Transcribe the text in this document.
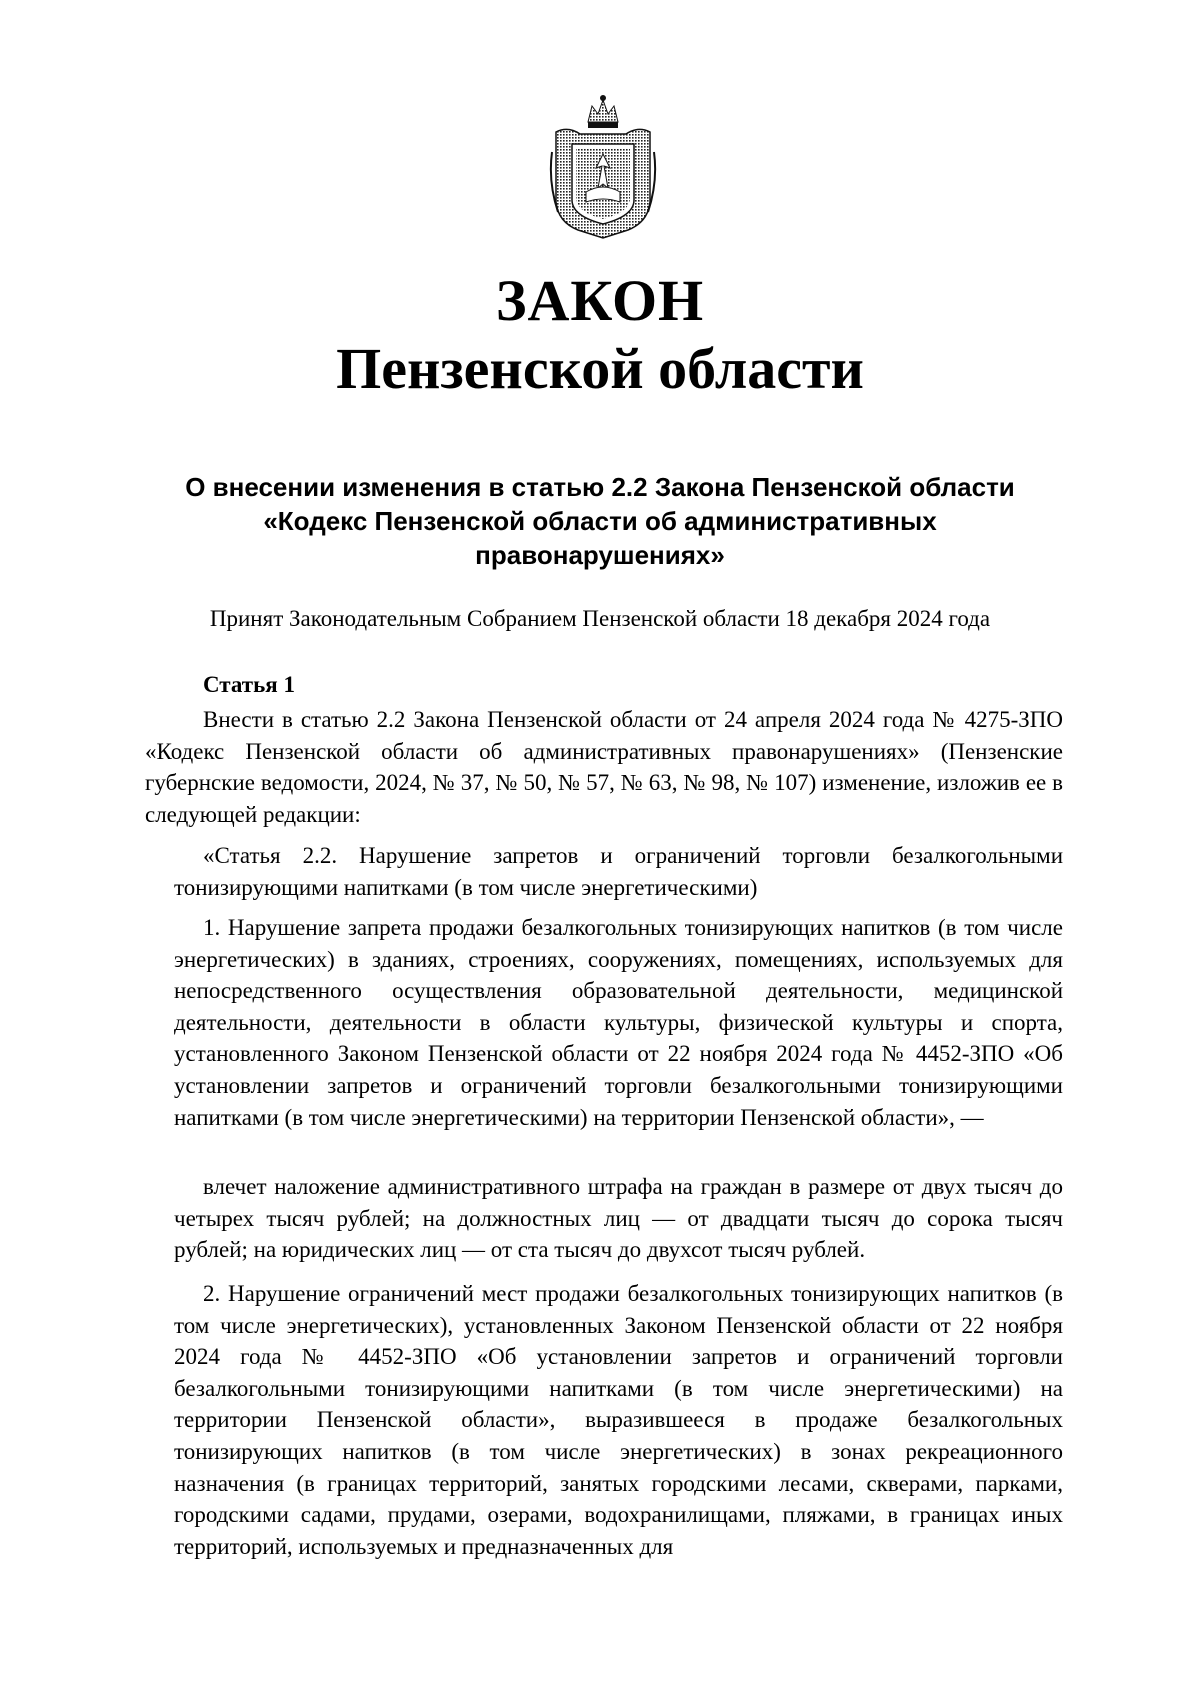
ЗАКОН
Пензенской области

О внесении изменения в статью 2.2 Закона Пензенской области «Кодекс Пензенской области об административных правонарушениях»

Принят Законодательным Собранием Пензенской области 18 декабря 2024 года

Статья 1

Внести в статью 2.2 Закона Пензенской области от 24 апреля 2024 года № 4275-ЗПО «Кодекс Пензенской области об административных правонарушениях» (Пензенские губернские ведомости, 2024, № 37, № 50, № 57, № 63, № 98, № 107) изменение, изложив ее в следующей редакции:

«Статья 2.2. Нарушение запретов и ограничений торговли безалкогольными тонизирующими напитками (в том числе энергетическими)

1. Нарушение запрета продажи безалкогольных тонизирующих напитков (в том числе энергетических) в зданиях, строениях, сооружениях, помещениях, используемых для непосредственного осуществления образовательной деятельности, медицинской деятельности, деятельности в области культуры, физической культуры и спорта, установленного Законом Пензенской области от 22 ноября 2024 года № 4452-ЗПО «Об установлении запретов и ограничений торговли безалкогольными тонизирующими напитками (в том числе энергетическими) на территории Пензенской области», —

влечет наложение административного штрафа на граждан в размере от двух тысяч до четырех тысяч рублей; на должностных лиц — от двадцати тысяч до сорока тысяч рублей; на юридических лиц — от ста тысяч до двухсот тысяч рублей.

2. Нарушение ограничений мест продажи безалкогольных тонизирующих напитков (в том числе энергетических), установленных Законом Пензенской области от 22 ноября 2024 года № 4452-ЗПО «Об установлении запретов и ограничений торговли безалкогольными тонизирующими напитками (в том числе энергетическими) на территории Пензенской области», выразившееся в продаже безалкогольных тонизирующих напитков (в том числе энергетических) в зонах рекреационного назначения (в границах территорий, занятых городскими лесами, скверами, парками, городскими садами, прудами, озерами, водохранилищами, пляжами, в границах иных территорий, используемых и предназначенных для
